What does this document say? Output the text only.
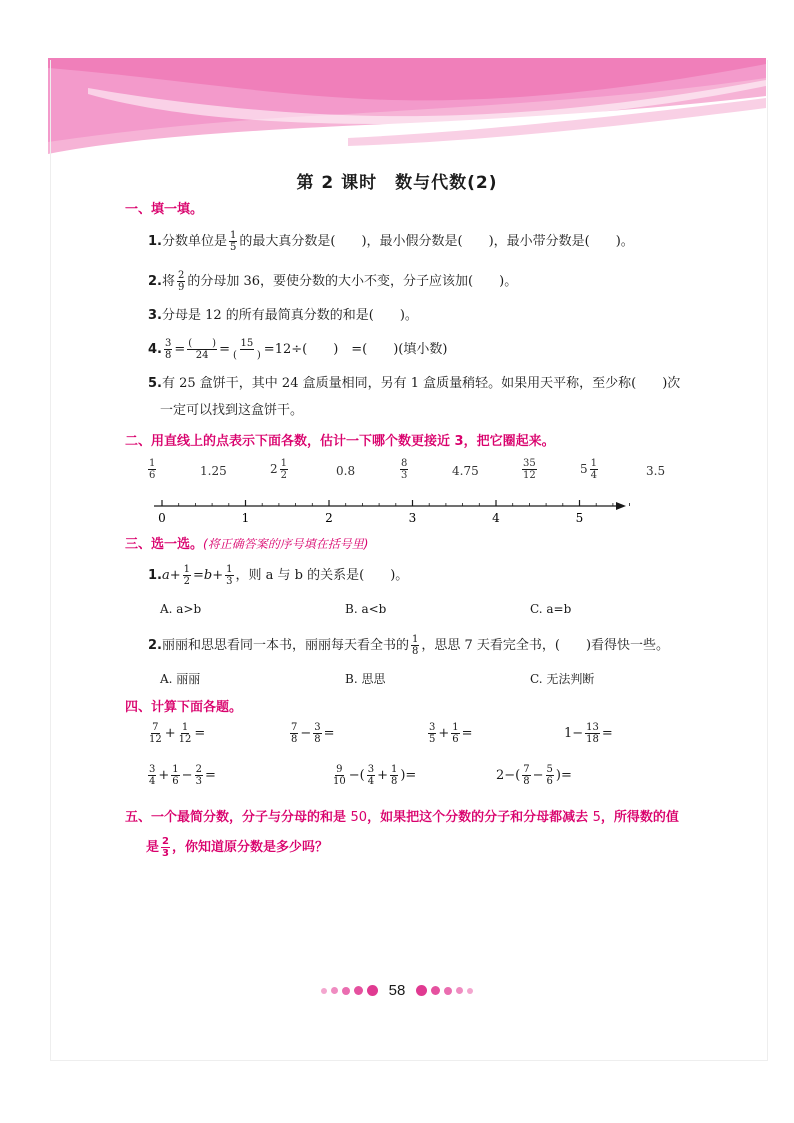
第 2 课时　数与代数(2)
一、填一填。
1.分数单位是 $\frac{1}{5}$ 的最大真分数是(　　)，最小假分数是(　　)，最小带分数是(　　)。
2.将 $\frac{2}{9}$ 的分母加 36，要使分数的大小不变，分子应该加(　　)。
3.分母是 12 的所有最简真分数的和是(　　)。
4. $\frac{3}{8} = \frac{( )}{24} = \frac{15}{( )} =12\div$(　　)　=(　　)(填小数)
5.有 25 盒饼干，其中 24 盒质量相同，另有 1 盒质量稍轻。如果用天平称，至少称(　　)次
一定可以找到这盒饼干。
二、用直线上的点表示下面各数，估计一下哪个数更接近 3，把它圈起来。
$\frac{1}{6}$	1.25	$2 \frac{1}{2}$	0.8	$\frac{8}{3}$	4.75	$\frac{35}{12}$	$5 \frac{1}{4}$	3.5
0	1	2	3	4	5
三、选一选。(将正确答案的序号填在括号里)
$1.a+ \frac{1}{2} =b+ \frac{1}{3}$ ，则 a 与 b 的关系是(　　)。
A. a>b	B. a<b	C. a=b
2.丽丽和思思看同一本书，丽丽每天看全书的 $\frac{1}{8}$ ，思思 7 天看完全书，(　　)看得快一些。
A. 丽丽	B. 思思	C. 无法判断
四、计算下面各题。
$\frac{7}{12} + \frac{1}{12}$ =	$\frac{7}{8} - \frac{3}{8}$ =	$\frac{3}{5} + \frac{1}{6}$ =	$1- \frac{13}{18}$ =
$\frac{3}{4} + \frac{1}{6} - \frac{2}{3}$ =	$\frac{9}{10}$ −( $\frac{3}{4} + \frac{1}{8}$ )=	$2-( \frac{7}{8} - \frac{5}{6}$ )=
五、一个最简分数，分子与分母的和是 50，如果把这个分数的分子和分母都减去 5，所得数的值
是 $\frac{2}{3}$ ，你知道原分数是多少吗？
58
